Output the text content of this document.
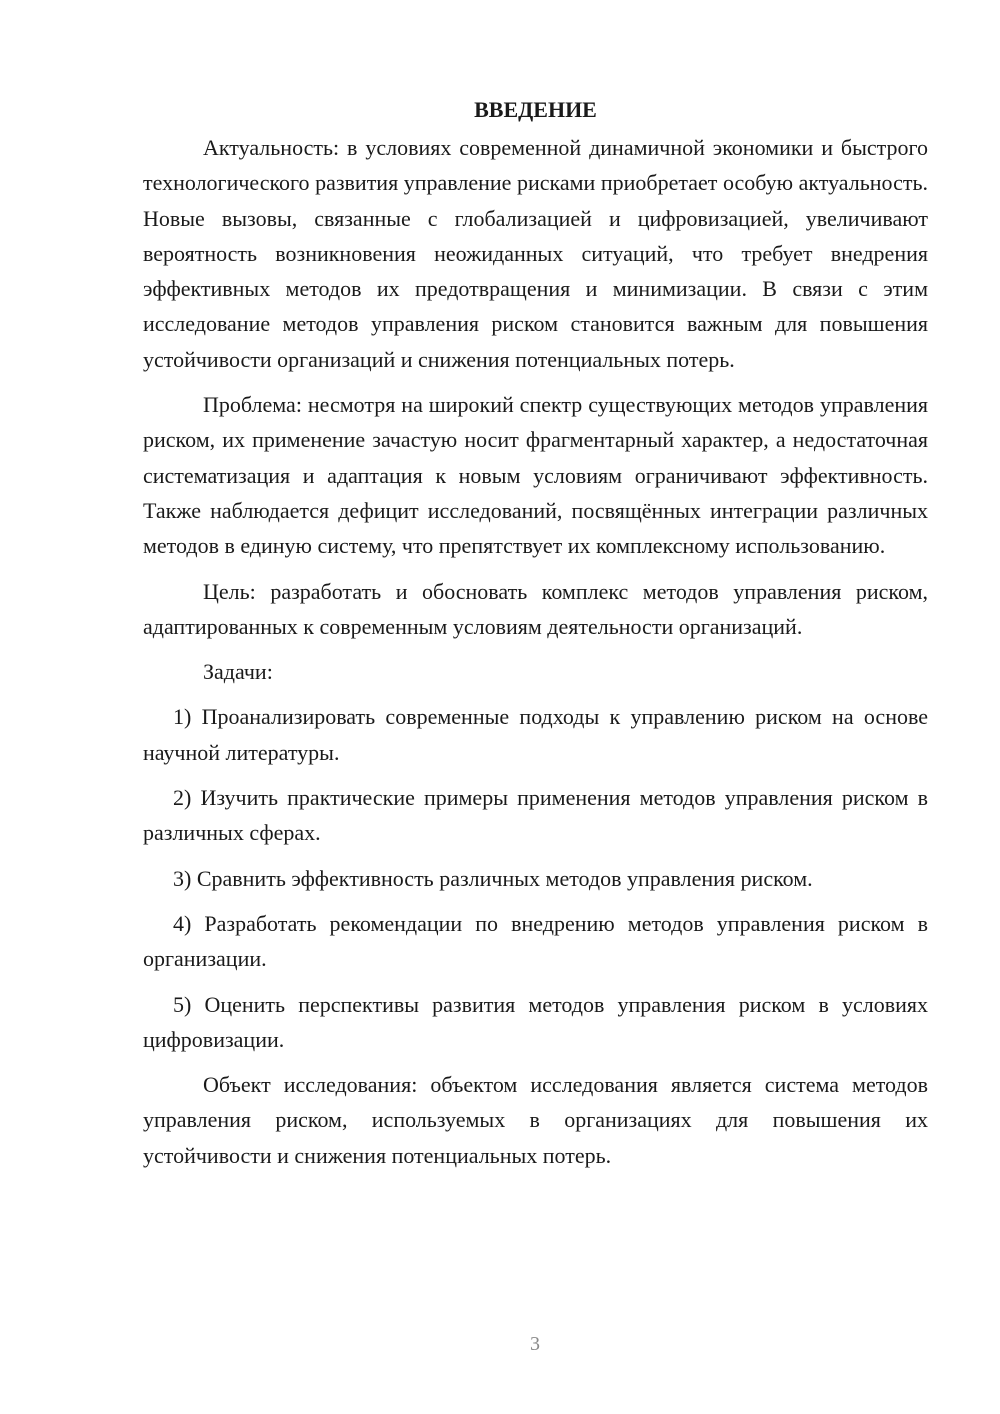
ВВЕДЕНИЕ

Актуальность: в условиях современной динамичной экономики и быстрого технологического развития управление рисками приобретает особую актуальность. Новые вызовы, связанные с глобализацией и цифровизацией, увеличивают вероятность возникновения неожиданных ситуаций, что требует внедрения эффективных методов их предотвращения и минимизации. В связи с этим исследование методов управления риском становится важным для повышения устойчивости организаций и снижения потенциальных потерь.

Проблема: несмотря на широкий спектр существующих методов управления риском, их применение зачастую носит фрагментарный характер, а недостаточная систематизация и адаптация к новым условиям ограничивают эффективность. Также наблюдается дефицит исследований, посвящённых интеграции различных методов в единую систему, что препятствует их комплексному использованию.

Цель: разработать и обосновать комплекс методов управления риском, адаптированных к современным условиям деятельности организаций.

Задачи:

1) Проанализировать современные подходы к управлению риском на основе научной литературы.

2) Изучить практические примеры применения методов управления риском в различных сферах.

3) Сравнить эффективность различных методов управления риском.

4) Разработать рекомендации по внедрению методов управления риском в организации.

5) Оценить перспективы развития методов управления риском в условиях цифровизации.

Объект исследования: объектом исследования является система методов управления риском, используемых в организациях для повышения их устойчивости и снижения потенциальных потерь.

3
